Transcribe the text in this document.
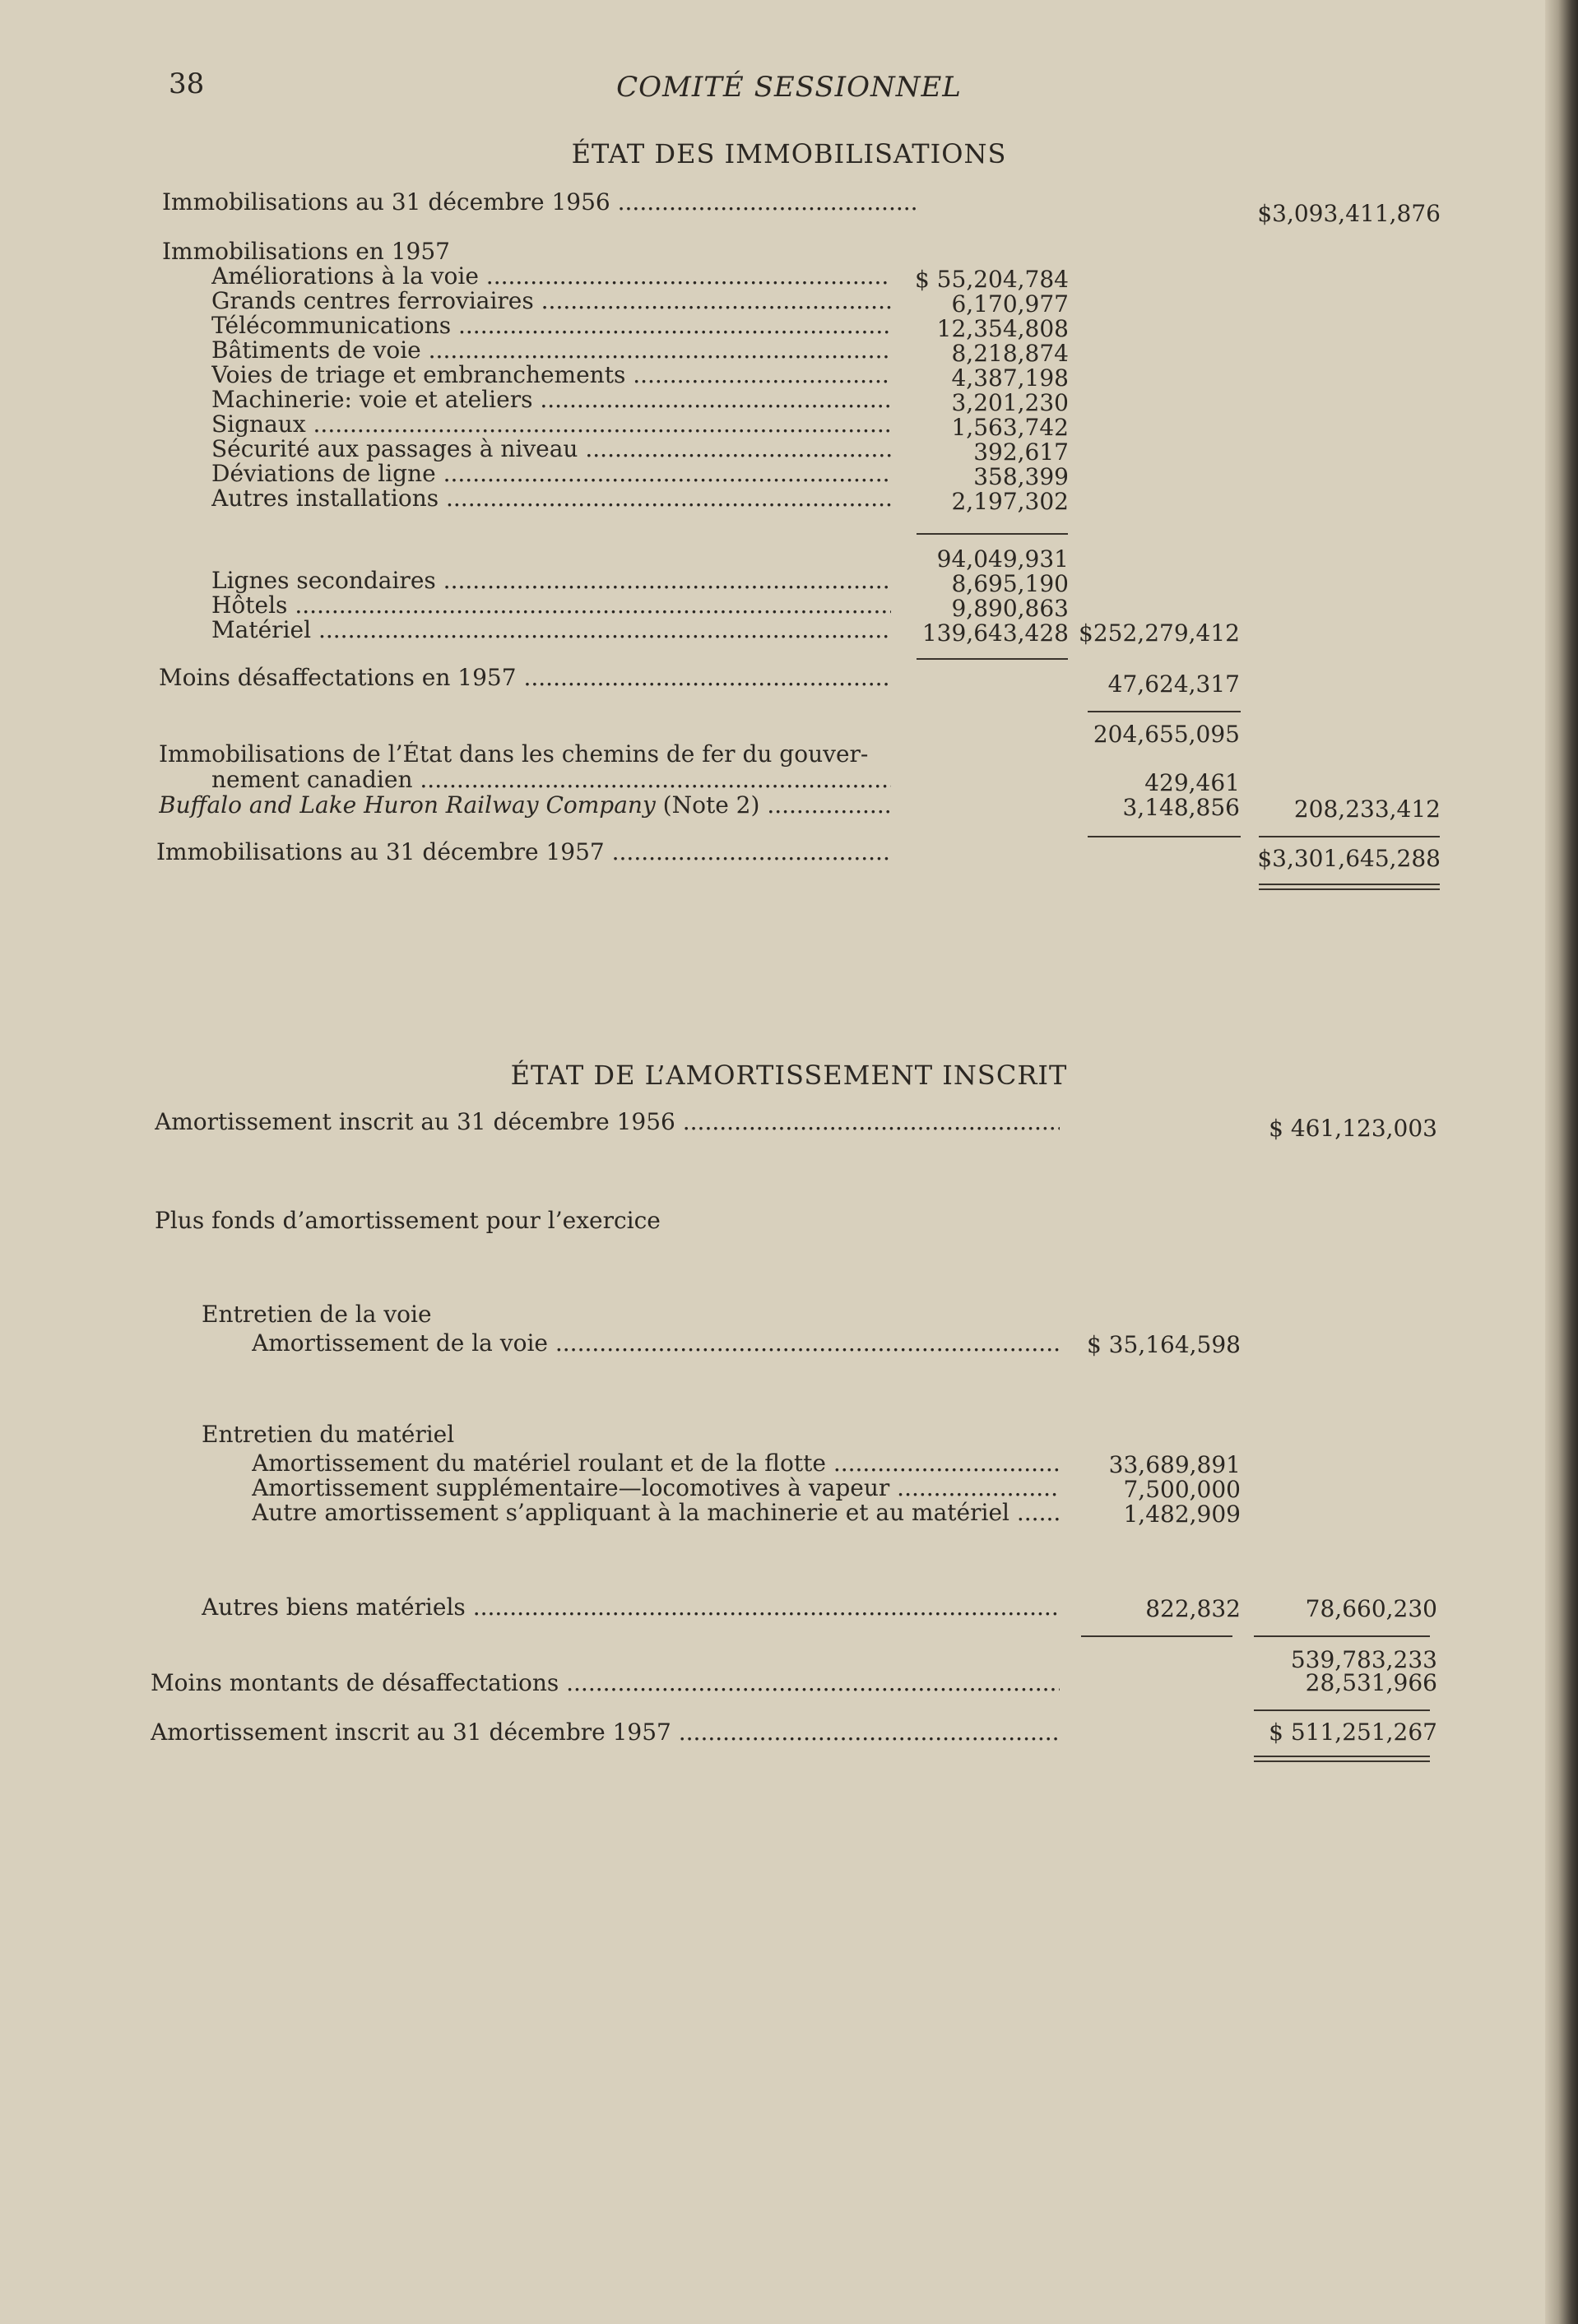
38	COMITÉ SESSIONNEL
ÉTAT DES IMMOBILISATIONS
Immobilisations au 31 décembre 1956 .....	$3,093,411,876
Immobilisations en 1957
Améliorations à la voie .....	$ 55,204,784
Grands centres ferroviaires .....	6,170,977
Télécommunications .....	12,354,808
Bâtiments de voie .....	8,218,874
Voies de triage et embranchements .....	4,387,198
Machinerie: voie et ateliers .....	3,201,230
Signaux .....	1,563,742
Sécurité aux passages à niveau .....	392,617
Déviations de ligne .....	358,399
Autres installations .....	2,197,302
94,049,931
Lignes secondaires .....	8,695,190
Hôtels .....	9,890,863
Matériel .....	139,643,428 $252,279,412
Moins désaffectations en 1957 .....	47,624,317
204,655,095
Immobilisations de l’État dans les chemins de fer du gouver-
nement canadien .....	429,461
Buffalo and Lake Huron Railway Company (Note 2) .....	3,148,856 208,233,412
Immobilisations au 31 décembre 1957 .....	$3,301,645,288
ÉTAT DE L’AMORTISSEMENT INSCRIT
Amortissement inscrit au 31 décembre 1956 .....	$ 461,123,003
Plus fonds d’amortissement pour l’exercice
Entretien de la voie
Amortissement de la voie .....	$ 35,164,598
Entretien du matériel
Amortissement du matériel roulant et de la flotte .....	33,689,891
Amortissement supplémentaire—locomotives à vapeur .....	7,500,000
Autre amortissement s’appliquant à la machinerie et au matériel .....	1,482,909
Autres biens matériels .....	822,832	78,660,230
539,783,233
Moins montants de désaffectations .....	28,531,966
Amortissement inscrit au 31 décembre 1957 .....	$ 511,251,267
